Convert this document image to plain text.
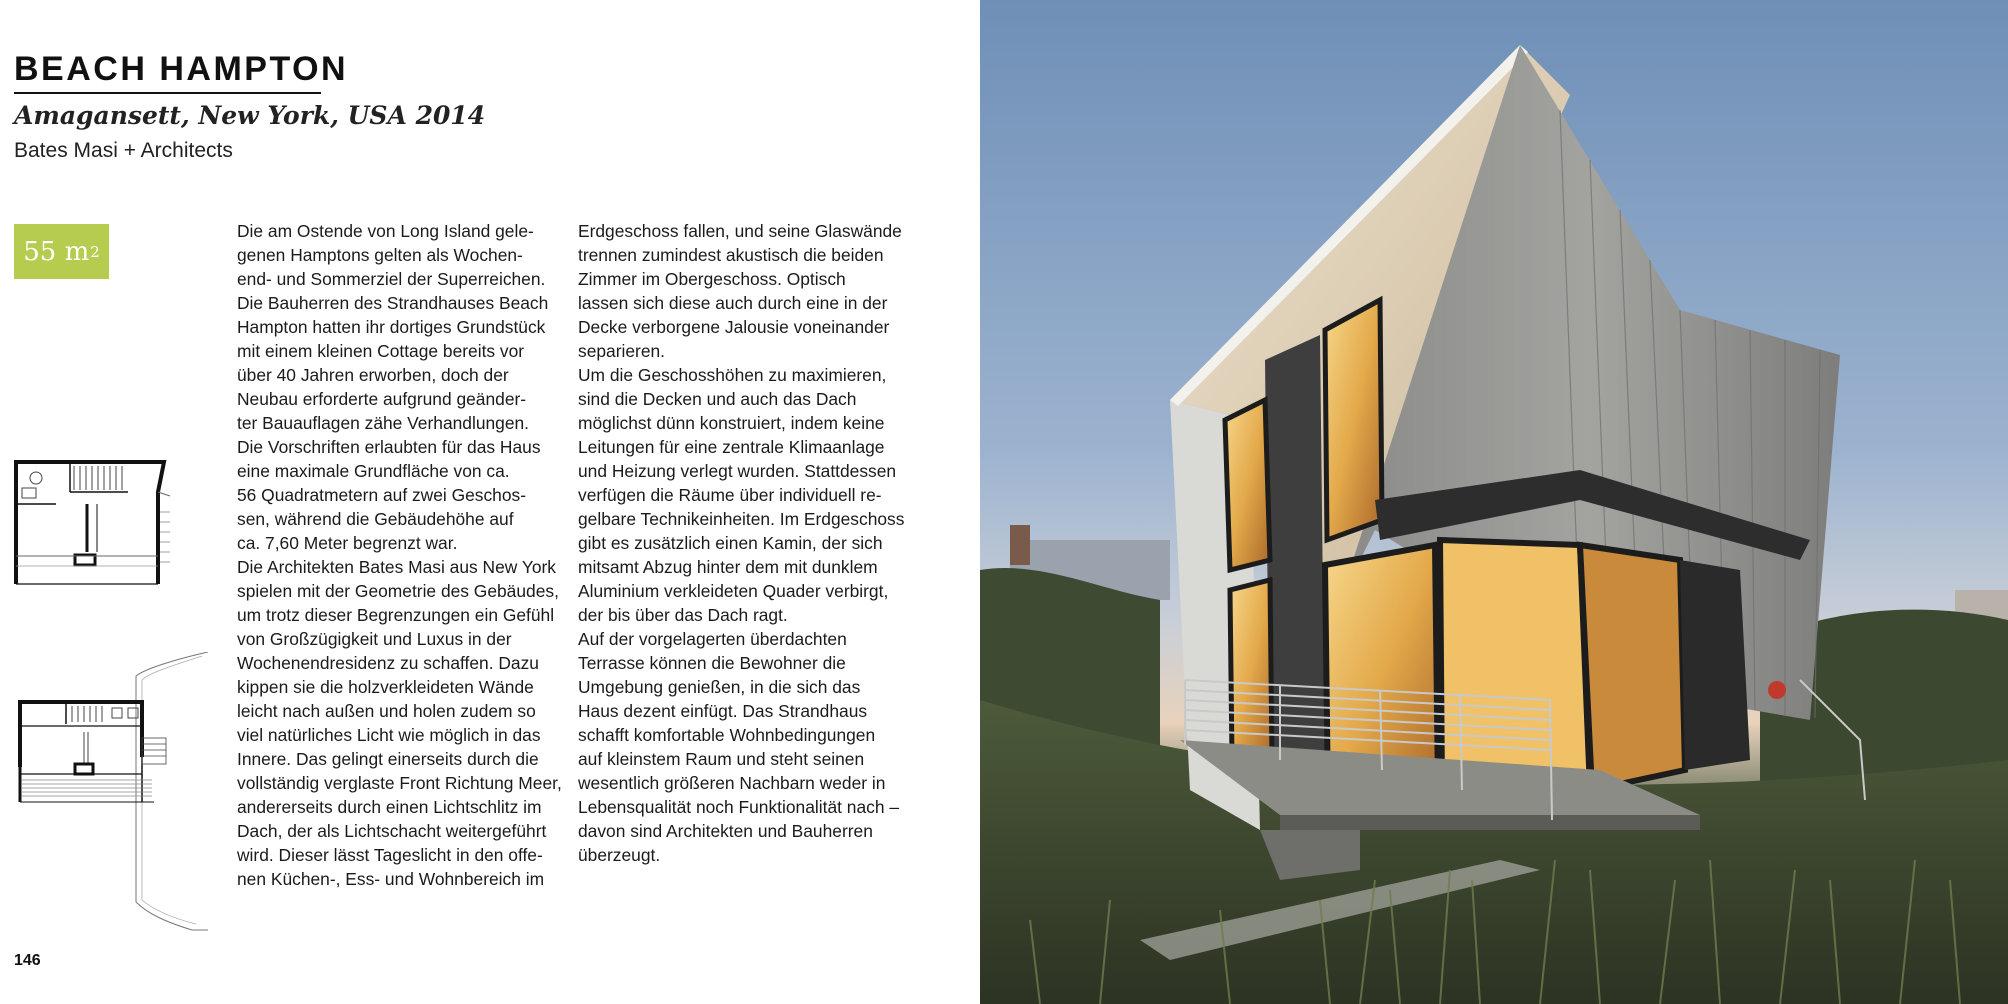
BEACH HAMPTON
Amagansett, New York, USA 2014
Bates Masi + Architects
55 m 2

Die am Ostende von Long Island gele-
genen Hamptons gelten als Wochen-
end- und Sommerziel der Superreichen.
Die Bauherren des Strandhauses Beach
Hampton hatten ihr dortiges Grundstück
mit einem kleinen Cottage bereits vor
über 40 Jahren erworben, doch der
Neubau erforderte aufgrund geänder-
ter Bauauflagen zähe Verhandlungen.
Die Vorschriften erlaubten für das Haus
eine maximale Grundfläche von ca.
56 Quadratmetern auf zwei Geschos-
sen, während die Gebäudehöhe auf
ca. 7,60 Meter begrenzt war.
Die Architekten Bates Masi aus New York
spielen mit der Geometrie des Gebäudes,
um trotz dieser Begrenzungen ein Gefühl
von Großzügigkeit und Luxus in der
Wochenendresidenz zu schaffen. Dazu
kippen sie die holzverkleideten Wände
leicht nach außen und holen zudem so
viel natürliches Licht wie möglich in das
Innere. Das gelingt einerseits durch die
vollständig verglaste Front Richtung Meer,
andererseits durch einen Lichtschlitz im
Dach, der als Lichtschacht weitergeführt
wird. Dieser lässt Tageslicht in den offe-
nen Küchen-, Ess- und Wohnbereich im

Erdgeschoss fallen, und seine Glaswände
trennen zumindest akustisch die beiden
Zimmer im Obergeschoss. Optisch
lassen sich diese auch durch eine in der
Decke verborgene Jalousie voneinander
separieren.
Um die Geschosshöhen zu maximieren,
sind die Decken und auch das Dach
möglichst dünn konstruiert, indem keine
Leitungen für eine zentrale Klimaanlage
und Heizung verlegt wurden. Stattdessen
verfügen die Räume über individuell re-
gelbare Technikeinheiten. Im Erdgeschoss
gibt es zusätzlich einen Kamin, der sich
mitsamt Abzug hinter dem mit dunklem
Aluminium verkleideten Quader verbirgt,
der bis über das Dach ragt.
Auf der vorgelagerten überdachten
Terrasse können die Bewohner die
Umgebung genießen, in die sich das
Haus dezent einfügt. Das Strandhaus
schafft komfortable Wohnbedingungen
auf kleinstem Raum und steht seinen
wesentlich größeren Nachbarn weder in
Lebensqualität noch Funktionalität nach –
davon sind Architekten und Bauherren
überzeugt.

146
